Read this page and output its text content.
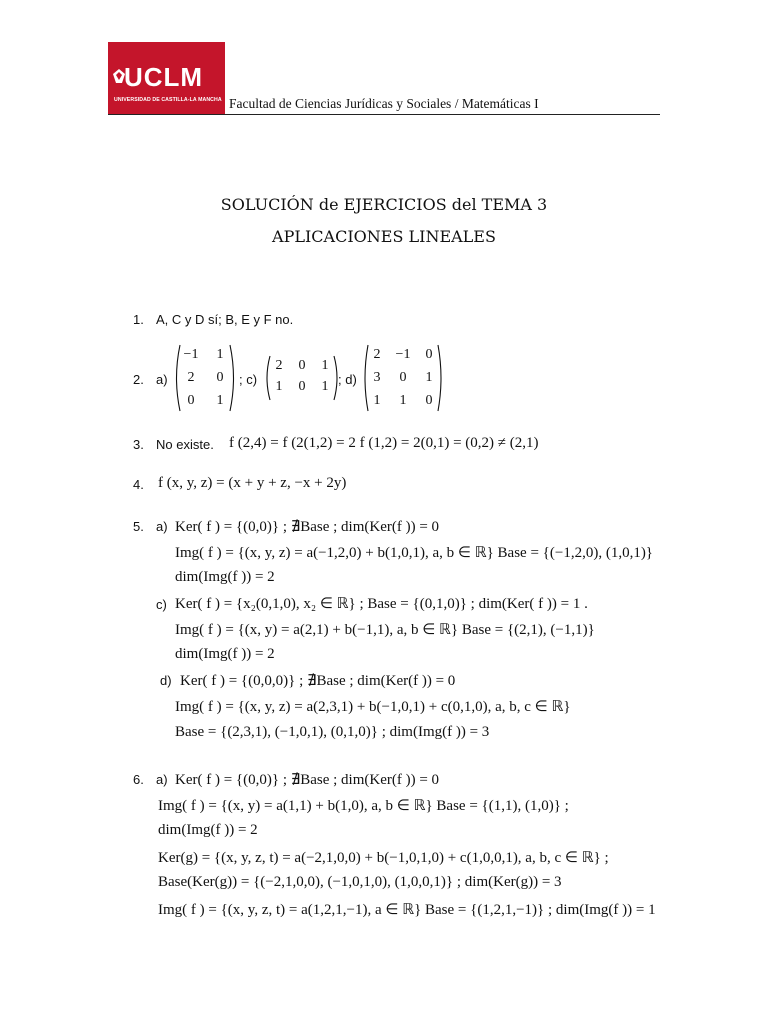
UCLM
UNIVERSIDAD DE CASTILLA-LA MANCHA Facultad de Ciencias Jurídicas y Sociales / Matemáticas I
SOLUCIÓN de EJERCICIOS del TEMA 3
APLICACIONES LINEALES
1. A, C y D sí; B, E y F no.
2. a)
−1	1
2	0
0	1
; c)
2	0	1
1	0	1 ; d)
2	−1	0
3	0	1
1	1	0
3. No existe. f (2,4) = f (2(1,2) = 2 f (1,2) = 2(0,1) = (0,2) ≠ (2,1)
4. f (x, y, z) = (x + y + z, −x + 2y)
5. a) Ker( f ) = {(0,0)} ; ∄Base ; dim(Ker(f )) = 0
Img( f ) = {(x, y, z) = a(−1,2,0) + b(1,0,1), a, b ∈ ℝ} Base = {(−1,2,0), (1,0,1)}
dim(Img(f )) = 2
c) Ker( f ) = {x₂(0,1,0), x₂ ∈ ℝ} ; Base = {(0,1,0)} ; dim(Ker( f )) = 1 .
Img( f ) = {(x, y) = a(2,1) + b(−1,1), a, b ∈ ℝ} Base = {(2,1), (−1,1)}
dim(Img(f )) = 2
d) Ker( f ) = {(0,0,0)} ; ∄Base ; dim(Ker(f )) = 0
Img( f ) = {(x, y, z) = a(2,3,1) + b(−1,0,1) + c(0,1,0), a, b, c ∈ ℝ}
Base = {(2,3,1), (−1,0,1), (0,1,0)} ; dim(Img(f )) = 3
6. a) Ker( f ) = {(0,0)} ; ∄Base ; dim(Ker(f )) = 0
Img( f ) = {(x, y) = a(1,1) + b(1,0), a, b ∈ ℝ} Base = {(1,1), (1,0)} ;
dim(Img(f )) = 2
Ker(g) = {(x, y, z, t) = a(−2,1,0,0) + b(−1,0,1,0) + c(1,0,0,1), a, b, c ∈ ℝ} ;
Base(Ker(g)) = {(−2,1,0,0), (−1,0,1,0), (1,0,0,1)} ; dim(Ker(g)) = 3
Img( f ) = {(x, y, z, t) = a(1,2,1,−1), a ∈ ℝ} Base = {(1,2,1,−1)} ; dim(Img(f )) = 1
